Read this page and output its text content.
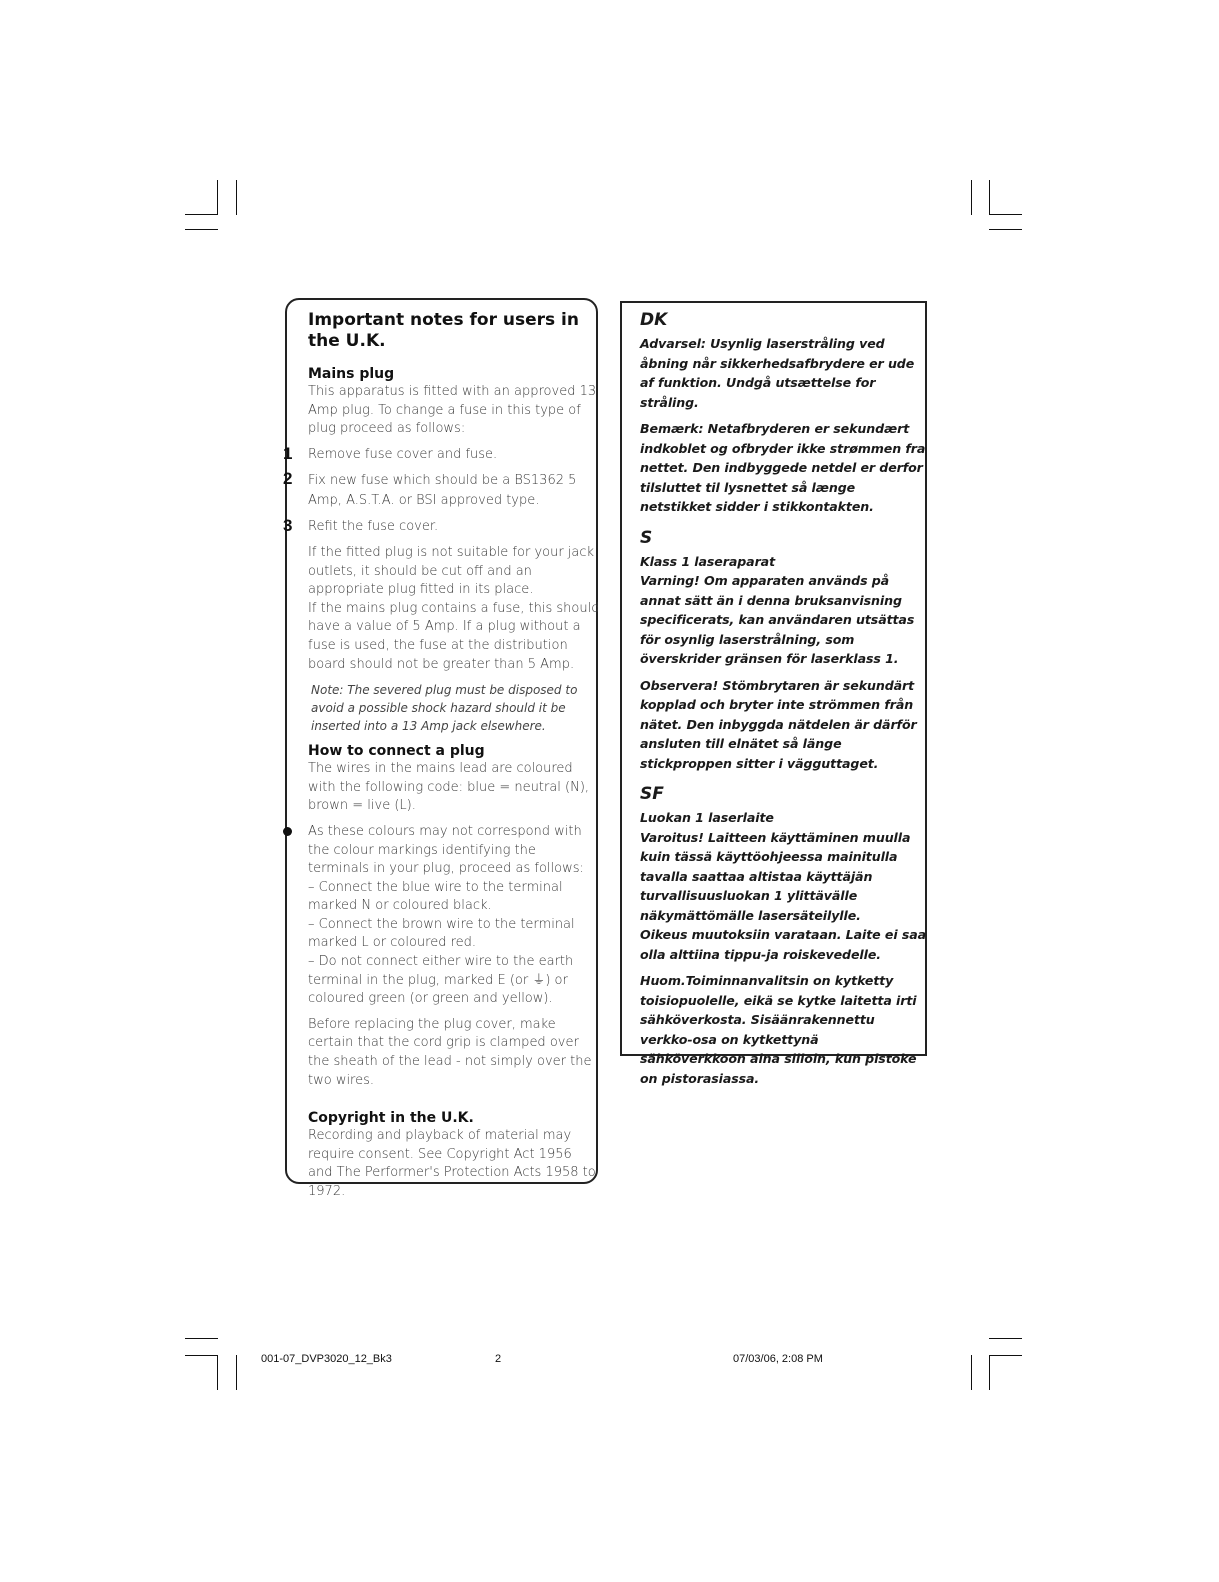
Important notes for users in the U.K.
Mains plug

This apparatus is fitted with an approved 13 Amp plug. To change a fuse in this type of plug proceed as follows:

1 Remove fuse cover and fuse.

2 Fix new fuse which should be a BS1362 5 Amp, A.S.T.A. or BSI approved type.

3 Refit the fuse cover.

If the fitted plug is not suitable for your jack outlets, it should be cut off and an appropriate plug fitted in its place.

If the mains plug contains a fuse, this should have a value of 5 Amp. If a plug without a fuse is used, the fuse at the distribution board should not be greater than 5 Amp.

Note: The severed plug must be disposed to avoid a possible shock hazard should it be inserted into a 13 Amp jack elsewhere.

How to connect a plug

The wires in the mains lead are coloured with the following code: blue = neutral (N),

brown = live (L).

As these colours may not correspond with the colour markings identifying the terminals in your plug, proceed as follows:

– Connect the blue wire to the terminal marked N or coloured black.

– Connect the brown wire to the terminal marked L or coloured red.

– Do not connect either wire to the earth terminal in the plug, marked E (or ⏚) or coloured green (or green and yellow).

Before replacing the plug cover, make certain that the cord grip is clamped over the sheath of the lead - not simply over the two wires.

Copyright in the U.K.

Recording and playback of material may require consent. See Copyright Act 1956 and The Performer's Protection Acts 1958 to 1972.

DK

Advarsel: Usynlig laserstråling ved åbning når sikkerhedsafbrydere er ude af funktion. Undgå utsættelse for stråling.

Bemærk: Netafbryderen er sekundært indkoblet og ofbryder ikke strømmen fra nettet. Den indbyggede netdel er derfor tilsluttet til lysnettet så længe netstikket sidder i stikkontakten.

S

Klass 1 laseraparat

Varning! Om apparaten används på annat sätt än i denna bruksanvisning specificerats, kan användaren utsättas för osynlig laserstrålning, som överskrider gränsen för laserklass 1.

Observera! Stömbrytaren är sekundärt kopplad och bryter inte strömmen från nätet. Den inbyggda nätdelen är därför ansluten till elnätet så länge stickproppen sitter i vägguttaget.

SF

Luokan 1 laserlaite

Varoitus! Laitteen käyttäminen muulla kuin tässä käyttöohjeessa mainitulla tavalla saattaa altistaa käyttäjän turvallisuusluokan 1 ylittävälle näkymättömälle lasersäteilylle.

Oikeus muutoksiin varataan. Laite ei saa olla alttiina tippu-ja roiskevedelle.

Huom.Toiminnanvalitsin on kytketty toisiopuolelle, eikä se kytke laitetta irti sähköverkosta. Sisäänrakennettu verkko-osa on kytkettynä sähköverkkoon aina silloin, kun pistoke on pistorasiassa.

001-07_DVP3020_12_Bk3	2	07/03/06, 2:08 PM
